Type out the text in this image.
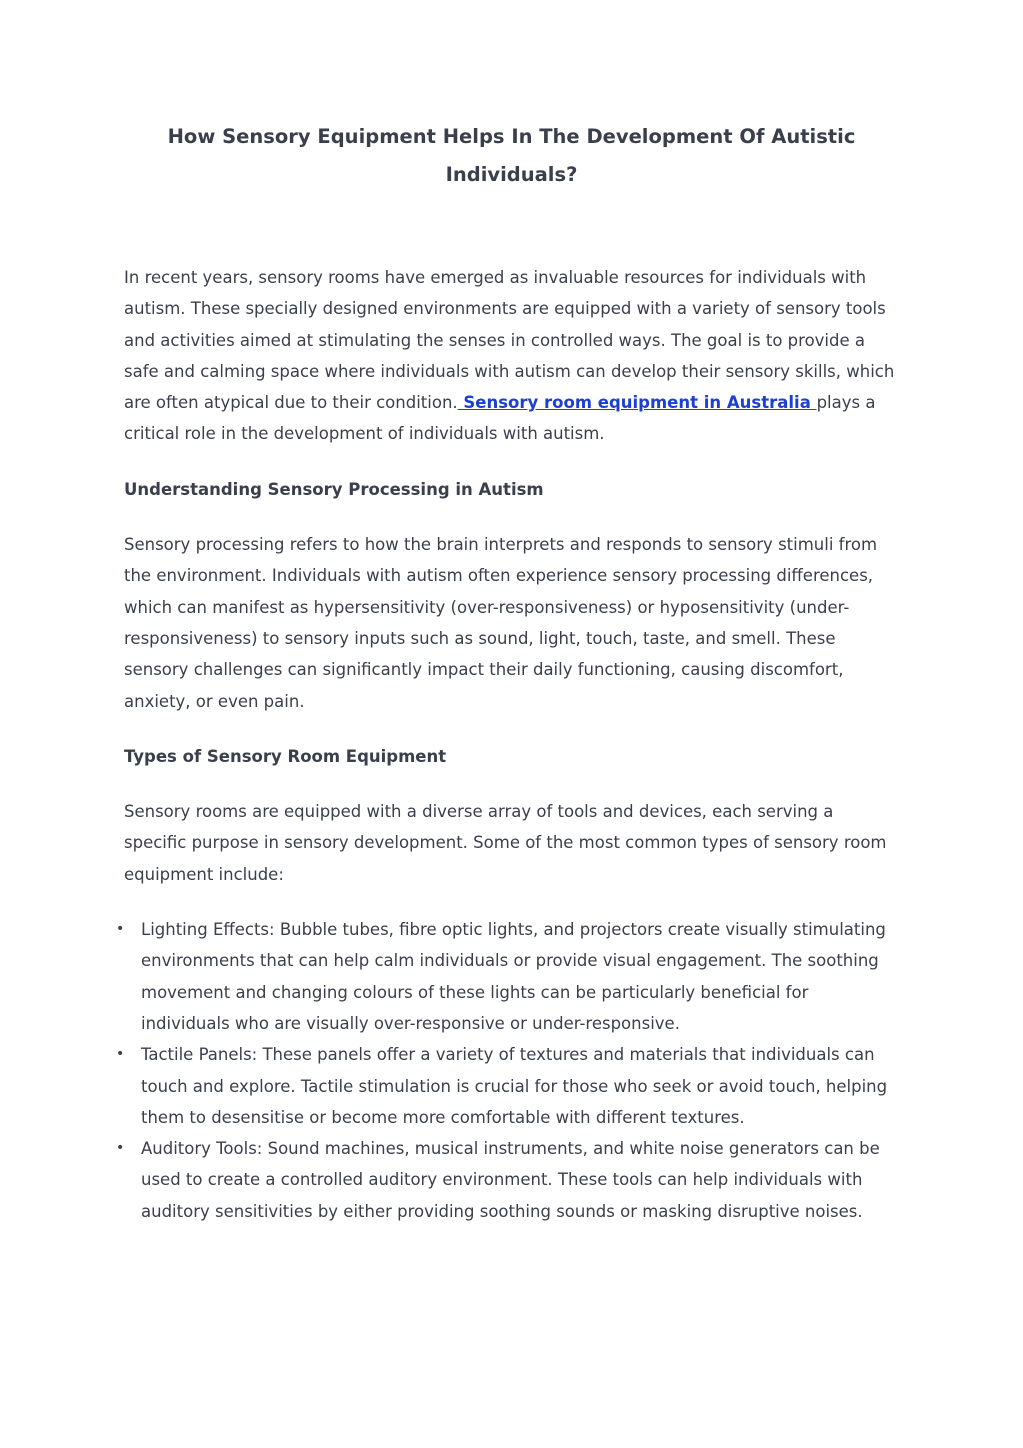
How Sensory Equipment Helps In The Development Of Autistic Individuals?

In recent years, sensory rooms have emerged as invaluable resources for individuals with autism. These specially designed environments are equipped with a variety of sensory tools and activities aimed at stimulating the senses in controlled ways. The goal is to provide a safe and calming space where individuals with autism can develop their sensory skills, which are often atypical due to their condition. Sensory room equipment in Australia plays a critical role in the development of individuals with autism.

Understanding Sensory Processing in Autism

Sensory processing refers to how the brain interprets and responds to sensory stimuli from the environment. Individuals with autism often experience sensory processing differences, which can manifest as hypersensitivity (over-responsiveness) or hyposensitivity (under-responsiveness) to sensory inputs such as sound, light, touch, taste, and smell. These sensory challenges can significantly impact their daily functioning, causing discomfort, anxiety, or even pain.

Types of Sensory Room Equipment

Sensory rooms are equipped with a diverse array of tools and devices, each serving a specific purpose in sensory development. Some of the most common types of sensory room equipment include:

• Lighting Effects: Bubble tubes, fibre optic lights, and projectors create visually stimulating environments that can help calm individuals or provide visual engagement. The soothing movement and changing colours of these lights can be particularly beneficial for individuals who are visually over-responsive or under-responsive.
• Tactile Panels: These panels offer a variety of textures and materials that individuals can touch and explore. Tactile stimulation is crucial for those who seek or avoid touch, helping them to desensitise or become more comfortable with different textures.
• Auditory Tools: Sound machines, musical instruments, and white noise generators can be used to create a controlled auditory environment. These tools can help individuals with auditory sensitivities by either providing soothing sounds or masking disruptive noises.
